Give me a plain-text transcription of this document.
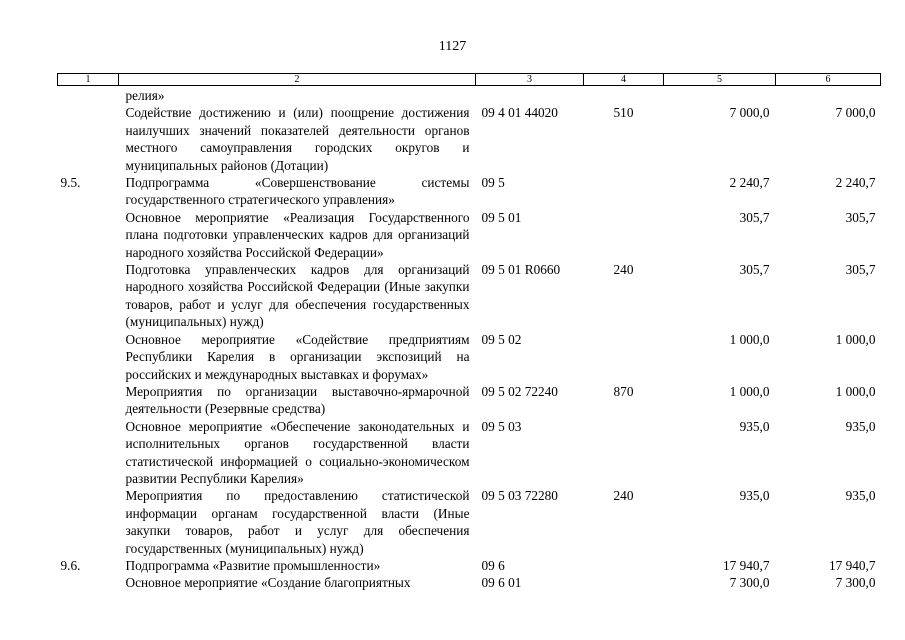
1127
1	2	3	4	5	6
	релия»				
	Содействие достижению и (или) поощрение достижения наилучших значений показателей деятельности органов местного самоуправления городских округов и муниципальных районов (Дотации)	09 4 01 44020	510	7 000,0	7 000,0
9.5.	Подпрограмма «Совершенствование системы государственного стратегического управления»	09 5		2 240,7	2 240,7
	Основное мероприятие «Реализация Государственного плана подготовки управленческих кадров для организаций народного хозяйства Российской Федерации»	09 5 01		305,7	305,7
	Подготовка управленческих кадров для организаций народного хозяйства Российской Федерации (Иные закупки товаров, работ и услуг для обеспечения государственных (муниципальных) нужд)	09 5 01 R0660	240	305,7	305,7
	Основное мероприятие «Содействие предприятиям Республики Карелия в организации экспозиций на российских и международных выставках и форумах»	09 5 02		1 000,0	1 000,0
	Мероприятия по организации выставочно-ярмарочной деятельности (Резервные средства)	09 5 02 72240	870	1 000,0	1 000,0
	Основное мероприятие «Обеспечение законодательных и исполнительных органов государственной власти статистической информацией о социально-экономическом развитии Республики Карелия»	09 5 03		935,0	935,0
	Мероприятия по предоставлению статистической информации органам государственной власти (Иные закупки товаров, работ и услуг для обеспечения государственных (муниципальных) нужд)	09 5 03 72280	240	935,0	935,0
9.6.	Подпрограмма «Развитие промышленности»	09 6		17 940,7	17 940,7
	Основное мероприятие «Создание благоприятных	09 6 01		7 300,0	7 300,0
